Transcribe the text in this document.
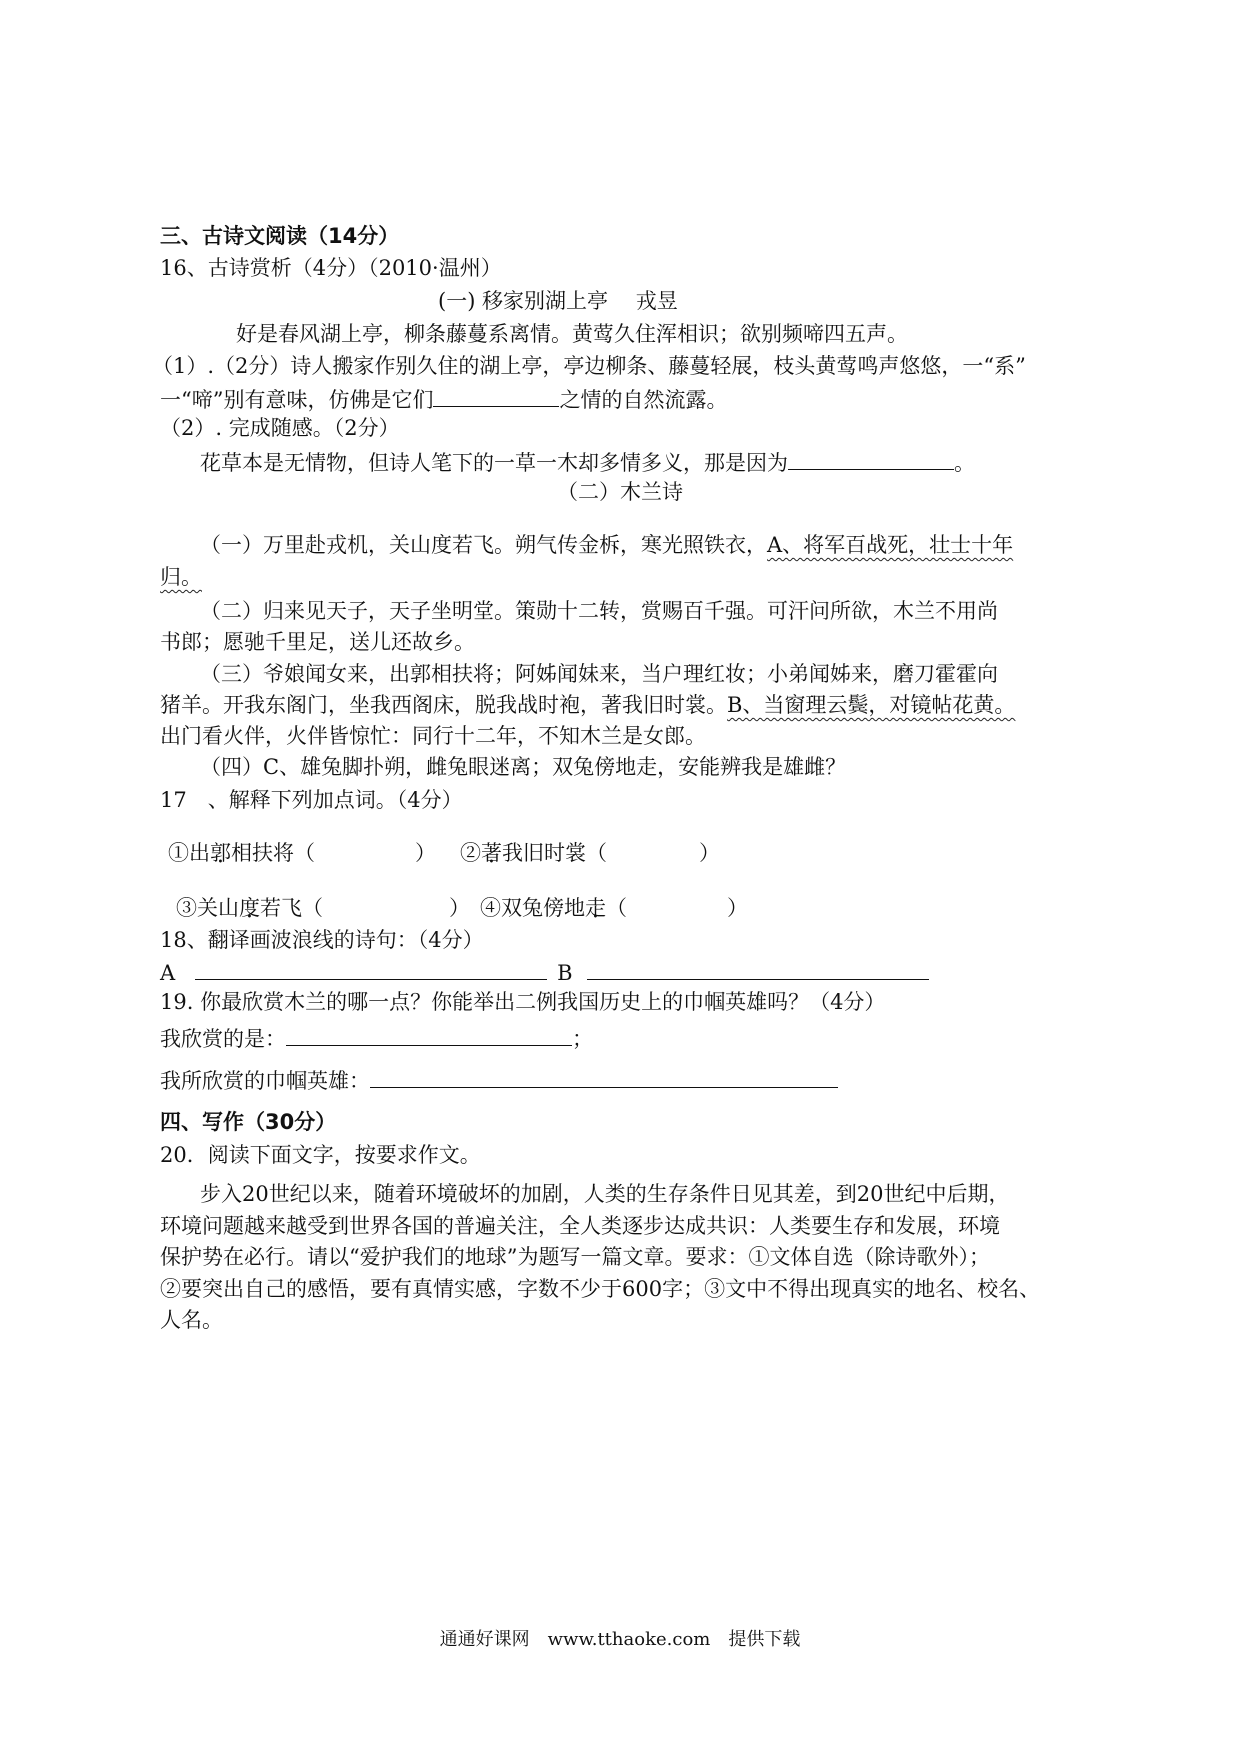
三、古诗文阅读（14分）
16、古诗赏析（4分）（2010·温州）
(一) 移家别湖上亭　 戎昱
好是春风湖上亭，柳条藤蔓系离情。黄莺久住浑相识；欲别频啼四五声。
（1）.（2分）诗人搬家作别久住的湖上亭，亭边柳条、藤蔓轻展，枝头黄莺鸣声悠悠，一“系”
一“啼”别有意味，仿佛是它们	之情的自然流露。
（2）. 完成随感。（2分）
花草本是无情物，但诗人笔下的一草一木却多情多义，那是因为	。
（二）木兰诗
（一）万里赴戎机，关山度若飞。朔气传金柝，寒光照铁衣，A、将军百战死，壮士十年
归。
（二）归来见天子，天子坐明堂。策勋十二转，赏赐百千强。可汗问所欲，木兰不用尚
书郎；愿驰千里足，送儿还故乡。
（三）爷娘闻女来，出郭相扶将；阿姊闻妹来，当户理红妆；小弟闻姊来，磨刀霍霍向
猪羊。开我东阁门，坐我西阁床，脱我战时袍，著我旧时裳。B、当窗理云鬓，对镜帖花黄。
出门看火伴，火伴皆惊忙：同行十二年，不知木兰是女郎。
（四）C、雄兔脚扑朔，雌兔眼迷离；双兔傍地走，安能辨我是雄雌？
17　、解释下列加点词。（4分）
①出郭相扶将（	） ②著我旧时裳（	）
③关山度若飞（	） ④双兔傍地走（	）
18、翻译画波浪线的诗句：（4分）
A	B
19. 你最欣赏木兰的哪一点？你能举出二例我国历史上的巾帼英雄吗？（4分）
我欣赏的是：	；
我所欣赏的巾帼英雄：
四、写作（30分）
20．阅读下面文字，按要求作文。
步入20世纪以来，随着环境破坏的加剧，人类的生存条件日见其差，到20世纪中后期，
环境问题越来越受到世界各国的普遍关注，全人类逐步达成共识：人类要生存和发展，环境
保护势在必行。请以“爱护我们的地球”为题写一篇文章。要求：①文体自选（除诗歌外）；
②要突出自己的感悟，要有真情实感，字数不少于600字；③文中不得出现真实的地名、校名、
人名。
通通好课网　www.tthaoke.com　提供下载
